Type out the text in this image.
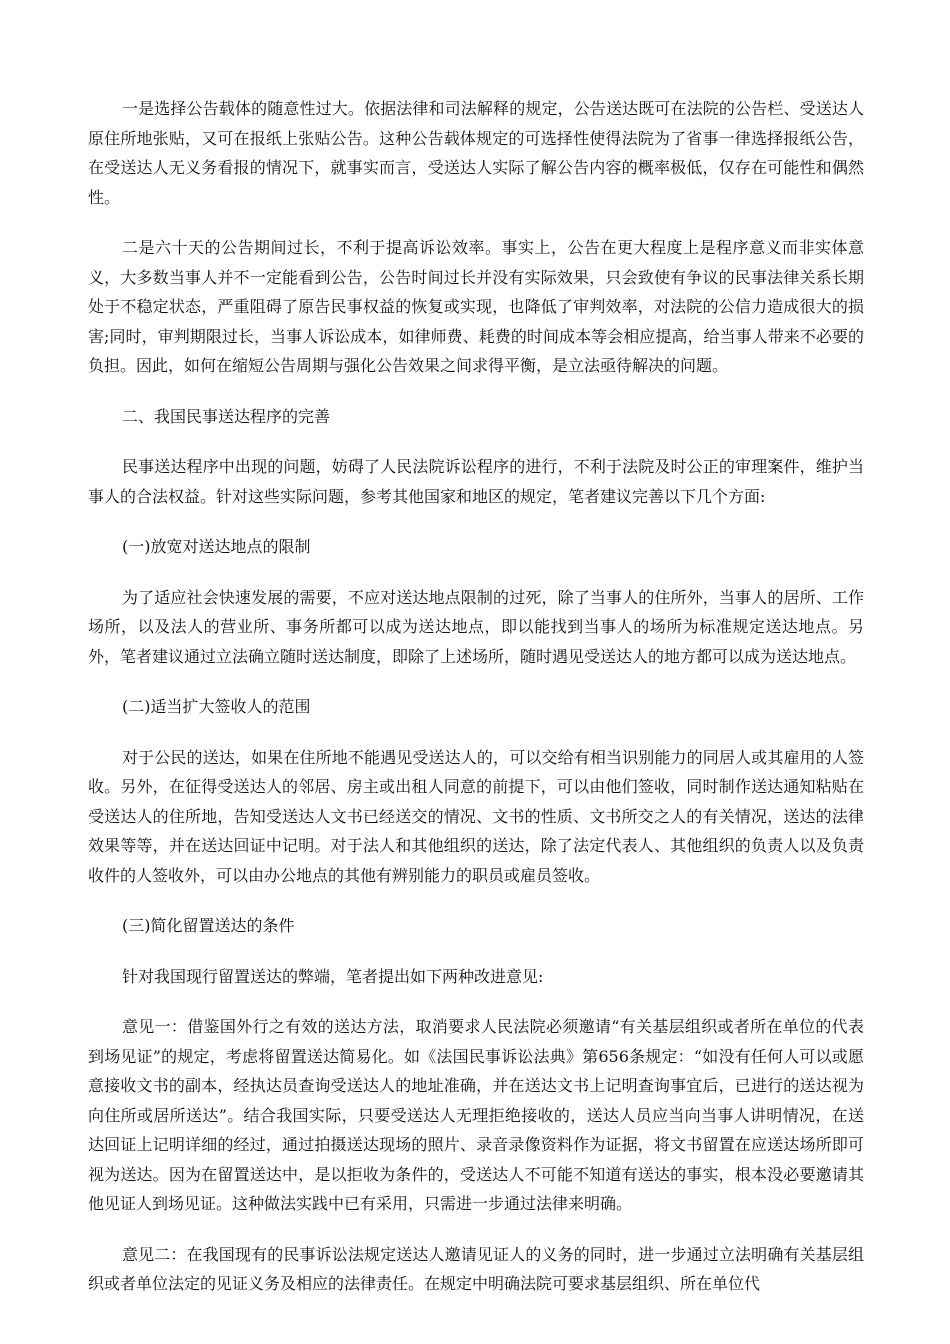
一是选择公告载体的随意性过大。依据法律和司法解释的规定，公告送达既可在法院的公告栏、受送达人原住所地张贴，又可在报纸上张贴公告。这种公告载体规定的可选择性使得法院为了省事一律选择报纸公告，在受送达人无义务看报的情况下，就事实而言，受送达人实际了解公告内容的概率极低，仅存在可能性和偶然性。

二是六十天的公告期间过长，不利于提高诉讼效率。事实上，公告在更大程度上是程序意义而非实体意义，大多数当事人并不一定能看到公告，公告时间过长并没有实际效果，只会致使有争议的民事法律关系长期处于不稳定状态，严重阻碍了原告民事权益的恢复或实现，也降低了审判效率，对法院的公信力造成很大的损害;同时，审判期限过长，当事人诉讼成本，如律师费、耗费的时间成本等会相应提高，给当事人带来不必要的负担。因此，如何在缩短公告周期与强化公告效果之间求得平衡，是立法亟待解决的问题。

二、我国民事送达程序的完善

民事送达程序中出现的问题，妨碍了人民法院诉讼程序的进行，不利于法院及时公正的审理案件，维护当事人的合法权益。针对这些实际问题，参考其他国家和地区的规定，笔者建议完善以下几个方面:

(一)放宽对送达地点的限制

为了适应社会快速发展的需要，不应对送达地点限制的过死，除了当事人的住所外，当事人的居所、工作场所，以及法人的营业所、事务所都可以成为送达地点，即以能找到当事人的场所为标准规定送达地点。另外，笔者建议通过立法确立随时送达制度，即除了上述场所，随时遇见受送达人的地方都可以成为送达地点。

(二)适当扩大签收人的范围

对于公民的送达，如果在住所地不能遇见受送达人的，可以交给有相当识别能力的同居人或其雇用的人签收。另外，在征得受送达人的邻居、房主或出租人同意的前提下，可以由他们签收，同时制作送达通知粘贴在受送达人的住所地，告知受送达人文书已经送交的情况、文书的性质、文书所交之人的有关情况，送达的法律效果等等，并在送达回证中记明。对于法人和其他组织的送达，除了法定代表人、其他组织的负责人以及负责收件的人签收外，可以由办公地点的其他有辨别能力的职员或雇员签收。

(三)简化留置送达的条件

针对我国现行留置送达的弊端，笔者提出如下两种改进意见:

意见一：借鉴国外行之有效的送达方法，取消要求人民法院必须邀请“有关基层组织或者所在单位的代表到场见证”的规定，考虑将留置送达简易化。如《法国民事诉讼法典》第656条规定：“如没有任何人可以或愿意接收文书的副本，经执达员查询受送达人的地址准确，并在送达文书上记明查询事宜后，已进行的送达视为向住所或居所送达”。结合我国实际，只要受送达人无理拒绝接收的，送达人员应当向当事人讲明情况，在送达回证上记明详细的经过，通过拍摄送达现场的照片、录音录像资料作为证据，将文书留置在应送达场所即可视为送达。因为在留置送达中，是以拒收为条件的，受送达人不可能不知道有送达的事实，根本没必要邀请其他见证人到场见证。这种做法实践中已有采用，只需进一步通过法律来明确。

意见二：在我国现有的民事诉讼法规定送达人邀请见证人的义务的同时，进一步通过立法明确有关基层组织或者单位法定的见证义务及相应的法律责任。在规定中明确法院可要求基层组织、所在单位代
